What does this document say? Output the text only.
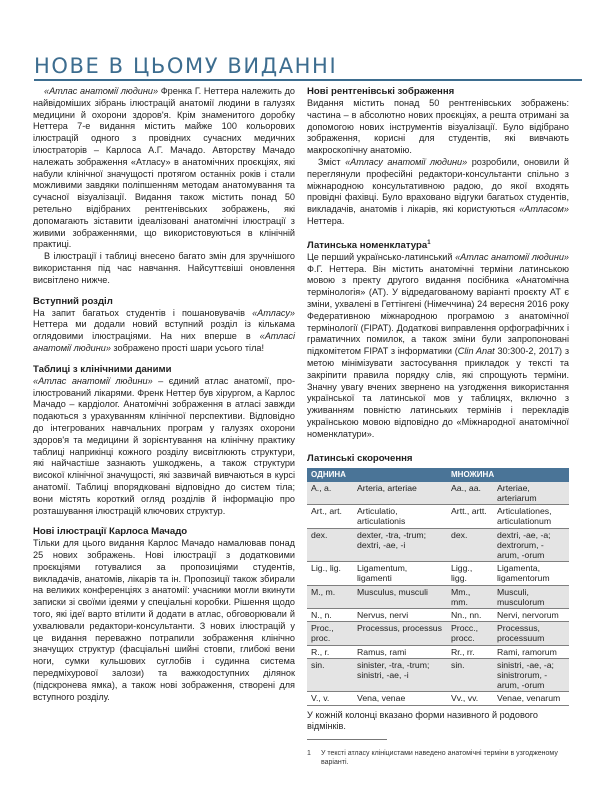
НОВЕ В ЦЬОМУ ВИДАННІ

«Атлас анатомії людини» Френка Г. Неттера належить до найвідоміших зібрань ілюстрацій анатомії людини в галузях медицини й охорони здоров'я. Крім знаменитого доробку Неттера 7-е видання містить майже 100 кольорових ілюстрацій одного з провідних сучасних медичних ілюстраторів – Карлоса А.Г. Мачадо. Авторству Мачадо належать зображення «Атласу» в анатомічних проєкціях, які набули клінічної значущості протягом останніх років і стали можливими завдяки поліпшенням методам анатомування та сучасної візуалізації. Видання також містить понад 50 ретельно відібраних рентгенівських зображень, які допомагають зіставити ідеалізовані анатомічні ілюстрації з живими зображеннями, що використовуються в клінічній практиці.

В ілюстрації і таблиці внесено багато змін для зручнішого використання під час навчання. Найсуттєвіші оновлення висвітлено нижче.

Вступний розділ

На запит багатьох студентів і пошановувачів «Атласу» Неттера ми додали новий вступний розділ із кількама оглядовими ілюстраціями. На них вперше в «Атласі анатомії людини» зображено прості шари усього тіла!

Таблиці з клінічними даними

«Атлас анатомії людини» – єдиний атлас анатомії, проілюстрований лікарями. Френк Неттер був хірургом, а Карлос Мачадо – кардіолог. Анатомічні зображення в атласі завжди подаються з урахуванням клінічної перспективи. Відповідно до інтегрованих навчальних програм у галузях охорони здоров'я та медицини й зорієнтування на клінічну практику таблиці наприкінці кожного розділу висвітлюють структури, які найчастіше зазнають ушкоджень, а також структури високої клінічної значущості, які зазвичай вивчаються в курсі анатомії. Таблиці впорядковані відповідно до систем тіла; вони містять короткий огляд розділів й інформацію про розташування ілюстрацій ключових структур.

Нові ілюстрації Карлоса Мачадо

Тільки для цього видання Карлос Мачадо намалював понад 25 нових зображень. Нові ілюстрації з додатковими проєкціями готувалися за пропозиціями студентів, викладачів, анатомів, лікарів та ін. Пропозиції також збирали на великих конференціях з анатомії: учасники могли вкинути записки зі своїми ідеями у спеціальні коробки. Рішення щодо того, які ідеї варто втілити й додати в атлас, обговорювали й ухвалювали редактори-консультанти. З нових ілюстрацій у це видання переважно потрапили зображення клінічно значущих структур (фасціальні шийні стовпи, глибокі вени ноги, сумки кульшових суглобів і судинна система передміхурової залози) та важкодоступних ділянок (підскронева ямка), а також нові зображення, створені для вступного розділу.

Нові рентгенівські зображення

Видання містить понад 50 рентгенівських зображень: частина – в абсолютно нових проєкціях, а решта отримані за допомогою нових інструментів візуалізації. Було відібрано зображення, корисні для студентів, які вивчають макроскопічну анатомію.

Зміст «Атласу анатомії людини» розробили, оновили й переглянули професійні редактори-консультанти спільно з міжнародною консультативною радою, до якої входять провідні фахівці. Було враховано відгуки багатьох студентів, викладачів, анатомів і лікарів, які користуються «Атласом» Неттера.

Латинська номенклатура$^1$

Це перший українсько-латинський «Атлас анатомії людини» Ф.Г. Неттера. Він містить анатомічні терміни латинською мовою з пректу другого видання посібника «Анатомічна термінологія» (AT). У відредагованому варіанті проєкту AT є зміни, ухвалені в Геттінгені (Німеччина) 24 вересня 2016 року Федеративною міжнародною програмою з анатомічної термінології (FIPAT). Додаткові виправлення орфографічних і граматичних помилок, а також зміни були запропоновані підкомітетом FIPAT з інформатики (Clin Anat 30:300-2, 2017) з метою мінімізувати застосування прикладок у тексті та закріпити правила порядку слів, які спрощують терміни. Значну увагу вчених звернено на узгодження використання української та латинської мов у таблицях, включно з уживанням повністю латинських термінів і перекладів українською мовою відповідно до «Міжнародної анатомічної номенклатури».

Латинські скорочення
ОДНИНА		МНОЖИНА	
A., a.	Arteria, arteriae	Aa., aa.	Arteriae, arteriarum
Art., art.	Articulatio, articulationis	Artt., artt.	Articulationes, articulationum
dex.	dexter, -tra, -trum; dextri, -ae, -i	dex.	dextri, -ae, -a; dextrorum, -arum, -orum
Lig., lig.	Ligamentum, ligamenti	Ligg., ligg.	Ligamenta, ligamentorum
M., m.	Musculus, musculi	Mm., mm.	Musculi, musculorum
N., n.	Nervus, nervi	Nn., nn.	Nervi, nervorum
Proc., proc.	Processus, processus	Procc., procc.	Processus, processuum
R., r.	Ramus, rami	Rr., rr.	Rami, ramorum
sin.	sinister, -tra, -trum; sinistri, -ae, -i	sin.	sinistri, -ae, -a; sinistrorum, -arum, -orum
V., v.	Vena, venae	Vv., vv.	Venae, venarum
У кожній колонці вказано форми називного й родового відмінків.
1 У тексті атласу клініцистами наведено анатомічні терміни в узгодженому варіанті.
